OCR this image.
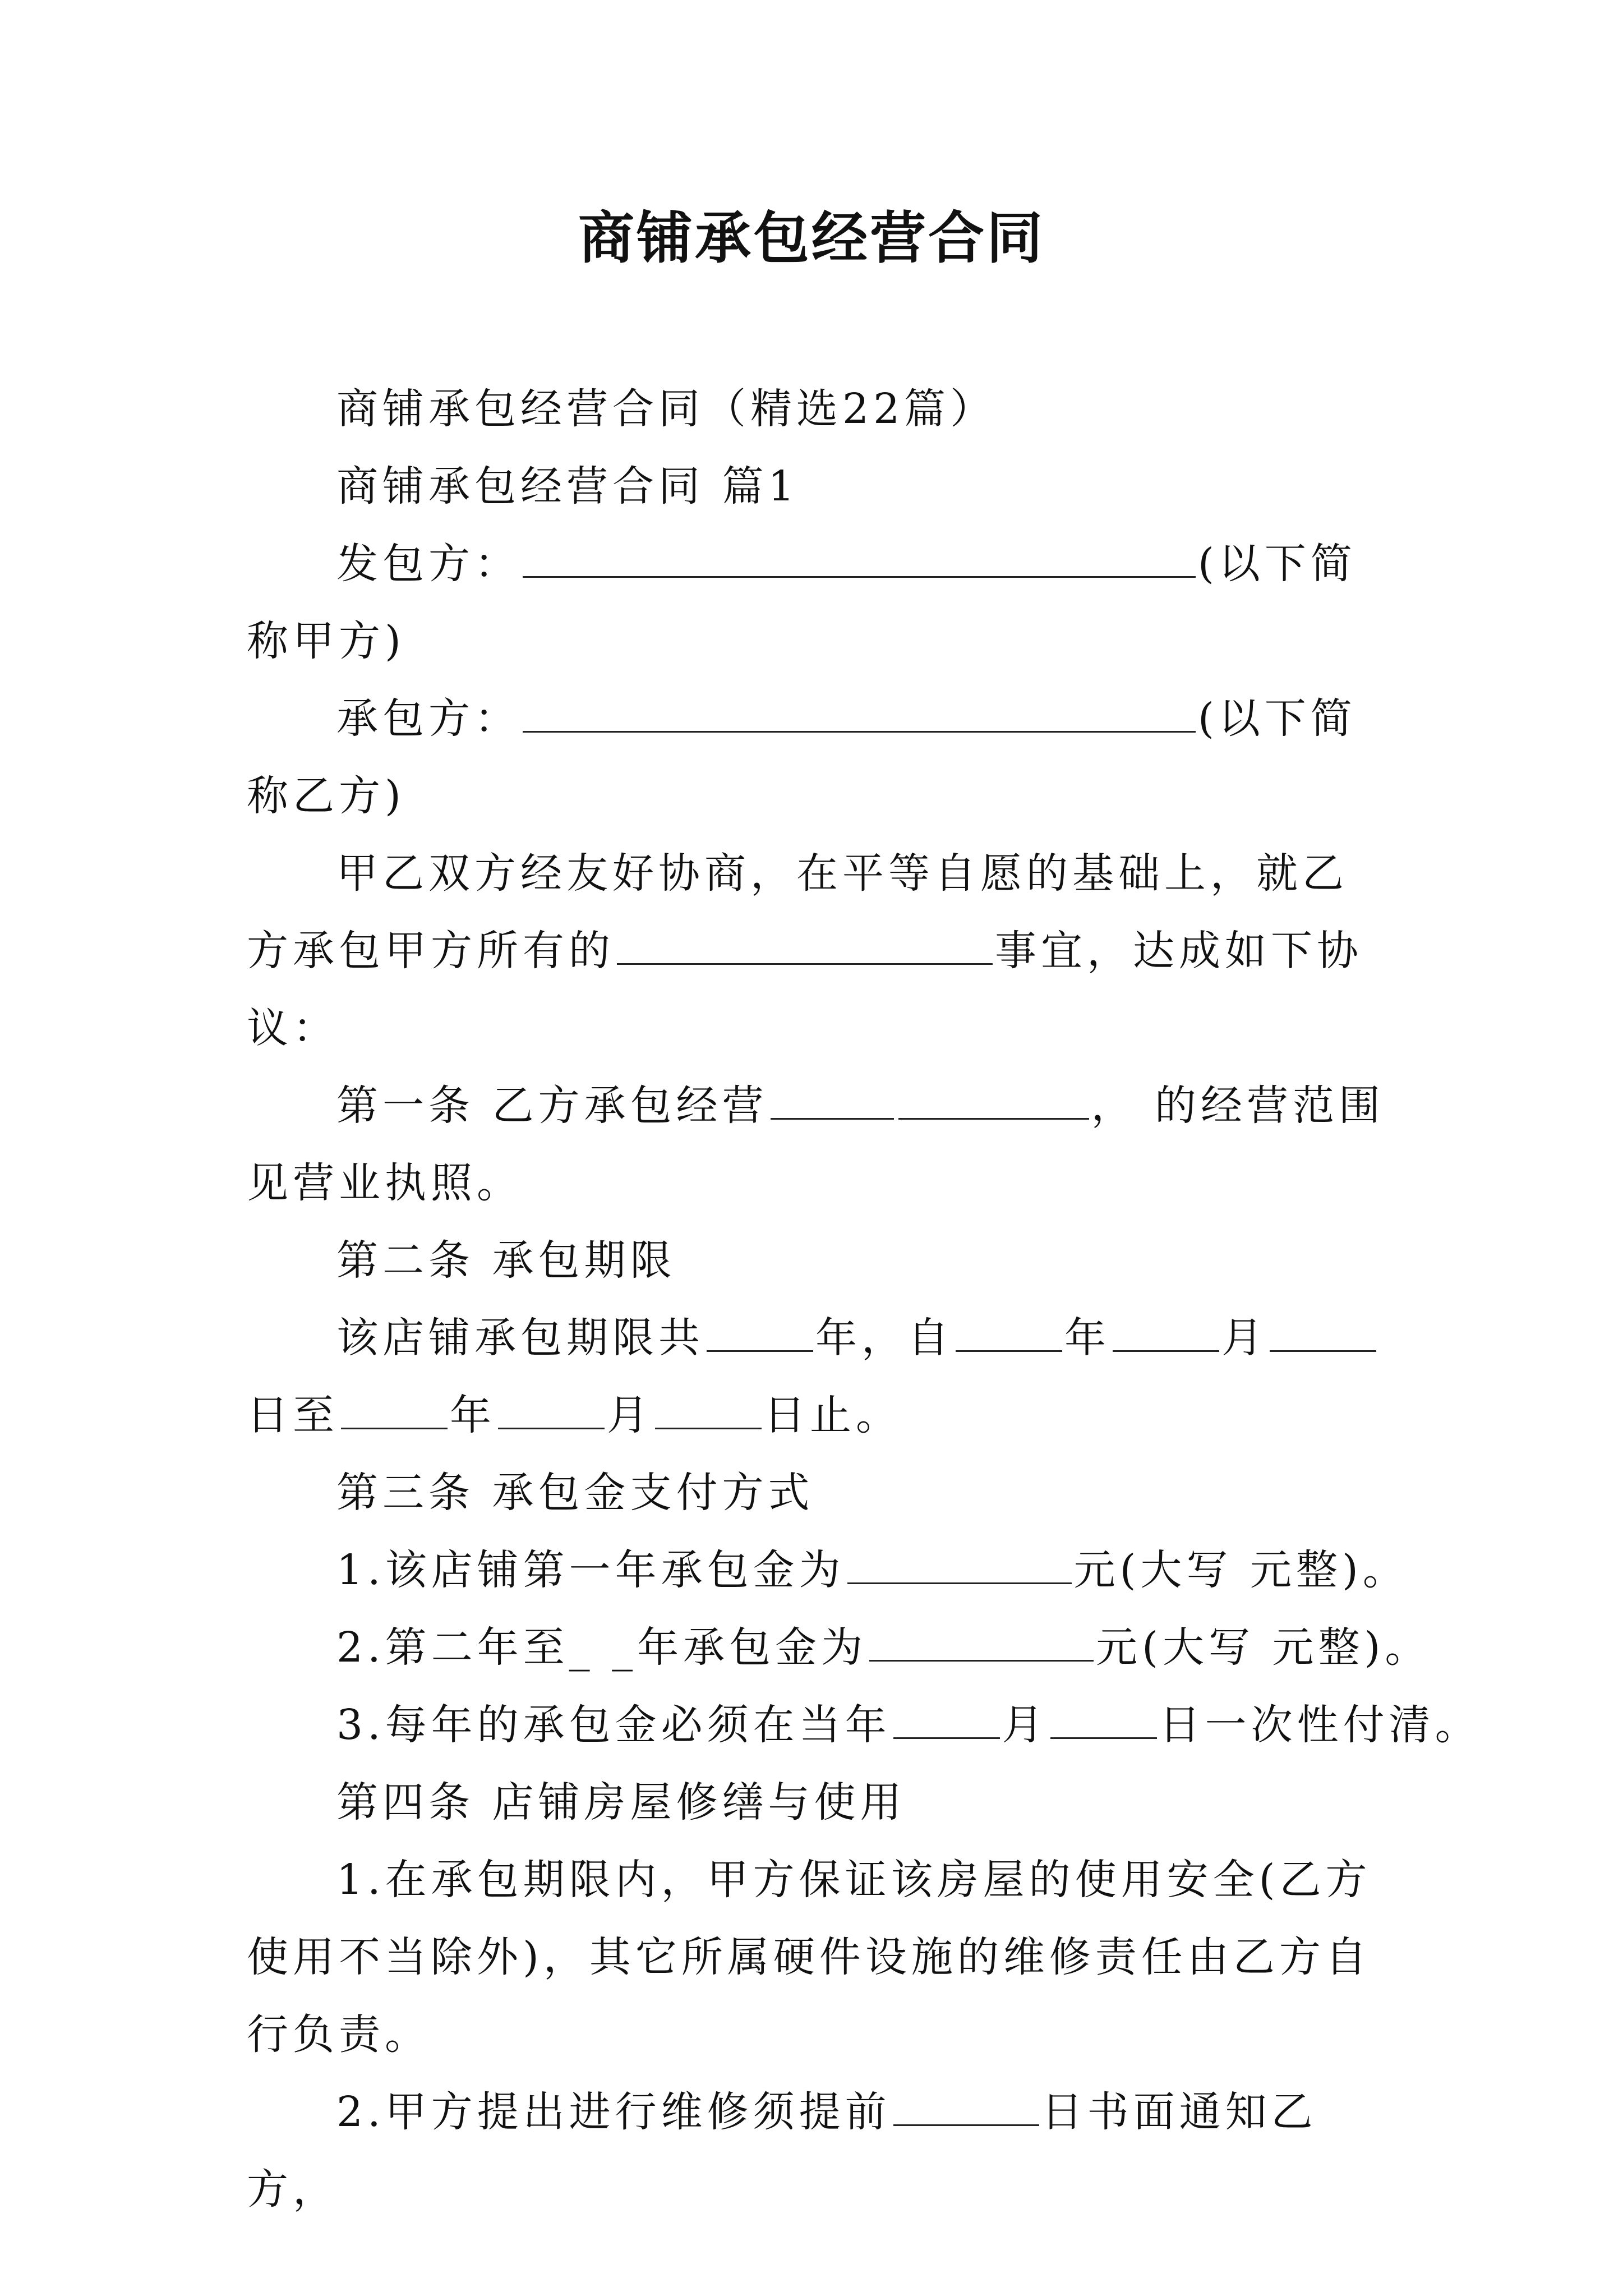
商铺承包经营合同

商铺承包经营合同（精选22篇）

商铺承包经营合同 篇1

发包方：	(以下简称甲方)

承包方：	(以下简称乙方)

甲乙双方经友好协商，在平等自愿的基础上，就乙方承包甲方所有的	事宜，达成如下协议：

第一条 乙方承包经营	， 的经营范围见营业执照。

第二条 承包期限

该店铺承包期限共	年，自	年	月日至	年	月	日止。

第三条 承包金支付方式

1.该店铺第一年承包金为	元(大写 元整)。

2.第二年至_ _年承包金为	元(大写 元整)。

3.每年的承包金必须在当年	月	日一次性付清。

第四条 店铺房屋修缮与使用

1.在承包期限内，甲方保证该房屋的使用安全(乙方使用不当除外)，其它所属硬件设施的维修责任由乙方自行负责。

2.甲方提出进行维修须提前	日书面通知乙方，
